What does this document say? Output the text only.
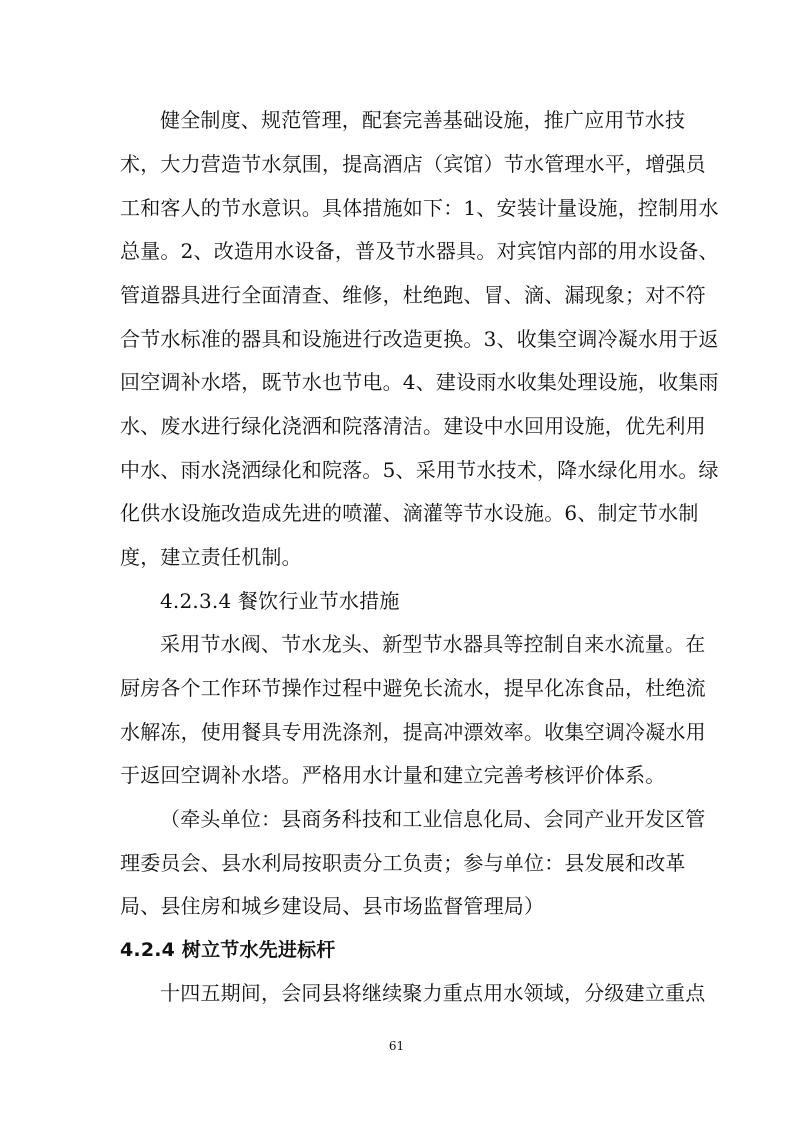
健全制度、规范管理，配套完善基础设施，推广应用节水技
术，大力营造节水氛围，提高酒店（宾馆）节水管理水平，增强员
工和客人的节水意识。具体措施如下：1、安装计量设施，控制用水
总量。2、改造用水设备，普及节水器具。对宾馆内部的用水设备、
管道器具进行全面清查、维修，杜绝跑、冒、滴、漏现象；对不符
合节水标准的器具和设施进行改造更换。3、收集空调冷凝水用于返
回空调补水塔，既节水也节电。4、建设雨水收集处理设施，收集雨
水、废水进行绿化浇洒和院落清洁。建设中水回用设施，优先利用
中水、雨水浇洒绿化和院落。5、采用节水技术，降水绿化用水。绿
化供水设施改造成先进的喷灌、滴灌等节水设施。6、制定节水制
度，建立责任机制。
4.2.3.4 餐饮行业节水措施
采用节水阀、节水龙头、新型节水器具等控制自来水流量。在
厨房各个工作环节操作过程中避免长流水，提早化冻食品，杜绝流
水解冻，使用餐具专用洗涤剂，提高冲漂效率。收集空调冷凝水用
于返回空调补水塔。严格用水计量和建立完善考核评价体系。
（牵头单位：县商务科技和工业信息化局、会同产业开发区管
理委员会、县水利局按职责分工负责；参与单位：县发展和改革
局、县住房和城乡建设局、县市场监督管理局）
4.2.4 树立节水先进标杆
十四五期间，会同县将继续聚力重点用水领域，分级建立重点
61
